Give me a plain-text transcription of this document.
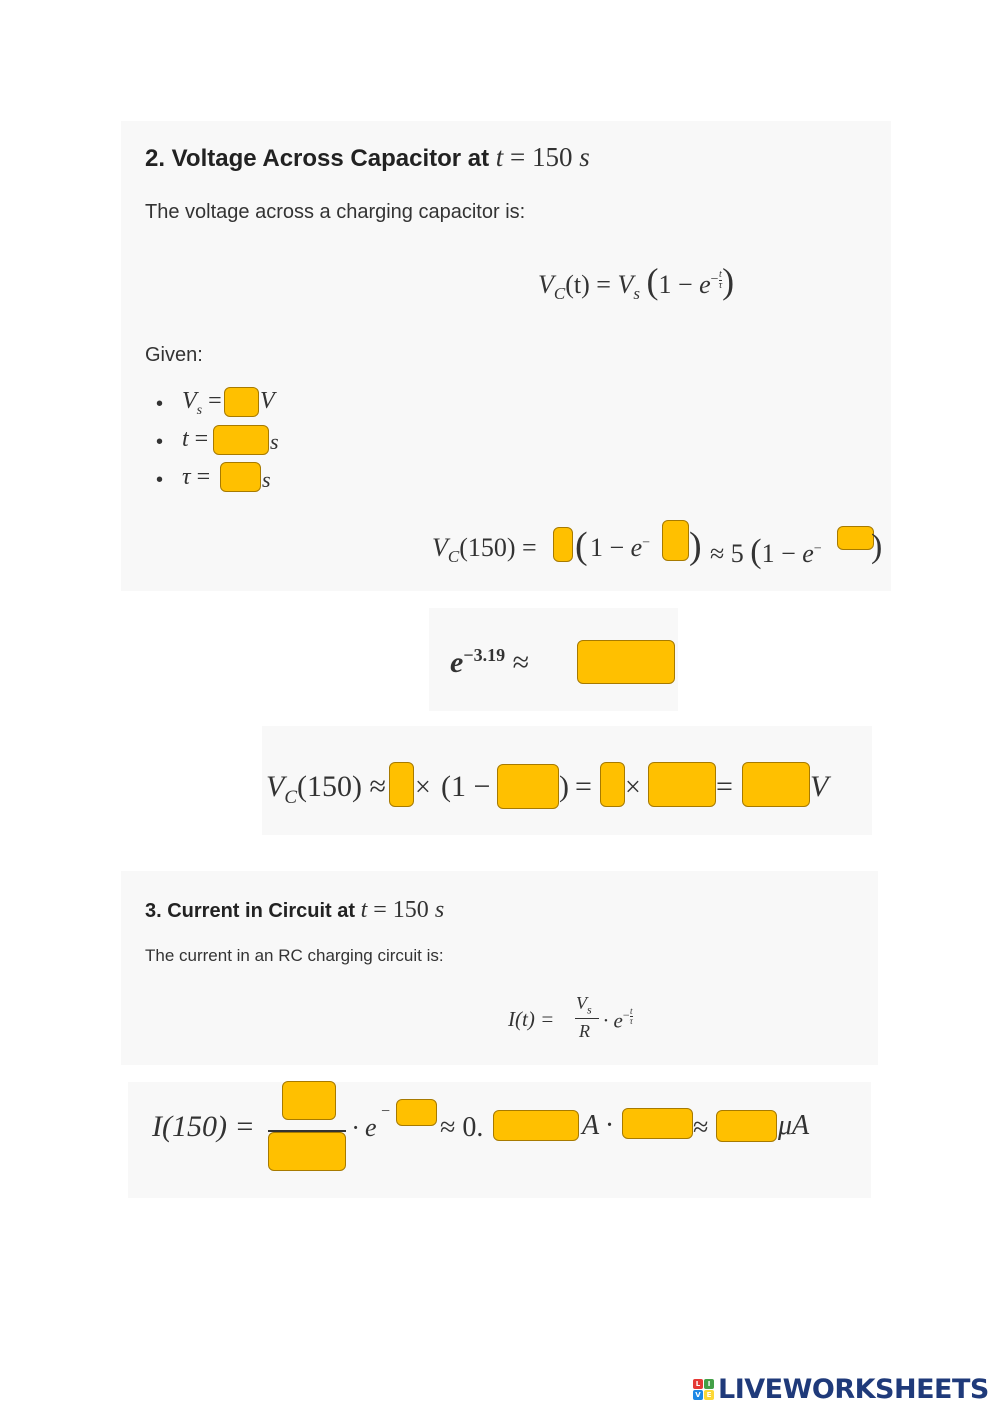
2. Voltage Across Capacitor at t = 150 s
The voltage across a charging capacitor is:
$V_C(t) = V_s$ ($1 - e^{- \frac{t}{\tau}}$ )
Given:
• $V_s = V$
• t =	s
• τ = s
$V_C(150)$ = ( 1 − e− ) ≈ 5 (1 − e− )
$e^{-3.19}$ ≈
$V_C(150)$ ≈ × (1 − ) = ×	=	V
3. Current in Circuit at t = 150 s
The current in an RC charging circuit is:
I(t) =
$V_s$
$R \cdot e^{- \frac{t}{\tau}}$
I(150) =	· e
−
≈ 0.	A ·	≈ μA
L	I
V E LIVEWORKSHEETS
